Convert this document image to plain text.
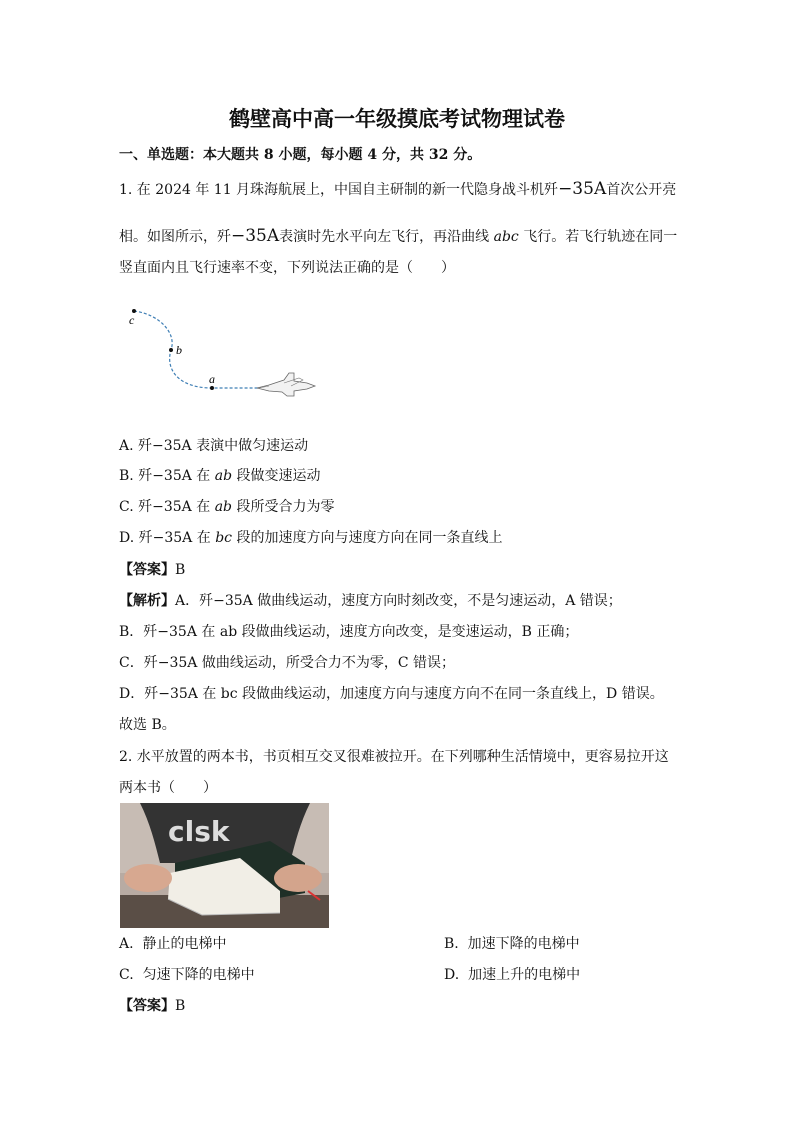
鹤壁高中高一年级摸底考试物理试卷
一、单选题：本大题共 8 小题，每小题 4 分，共 32 分。
1. 在 2024 年 11 月珠海航展上，中国自主研制的新一代隐身战斗机歼−35A首次公开亮
相。如图所示，歼−35A表演时先水平向左飞行，再沿曲线 abc 飞行。若飞行轨迹在同一
竖直面内且飞行速率不变，下列说法正确的是（　　）
c
b
a
A. 歼−35A 表演中做匀速运动
B. 歼−35A 在 ab 段做变速运动
C. 歼−35A 在 ab 段所受合力为零
D. 歼−35A 在 bc 段的加速度方向与速度方向在同一条直线上
【答案】B
【解析】A．歼−35A 做曲线运动，速度方向时刻改变，不是匀速运动，A 错误；
B．歼−35A 在 ab 段做曲线运动，速度方向改变，是变速运动，B 正确；
C．歼−35A 做曲线运动，所受合力不为零，C 错误；
D．歼−35A 在 bc 段做曲线运动，加速度方向与速度方向不在同一条直线上，D 错误。
故选 B。
2. 水平放置的两本书，书页相互交叉很难被拉开。在下列哪种生活情境中，更容易拉开这
两本书（　　）
clsk
A. 静止的电梯中	B. 加速下降的电梯中
C. 匀速下降的电梯中	D. 加速上升的电梯中
【答案】B
